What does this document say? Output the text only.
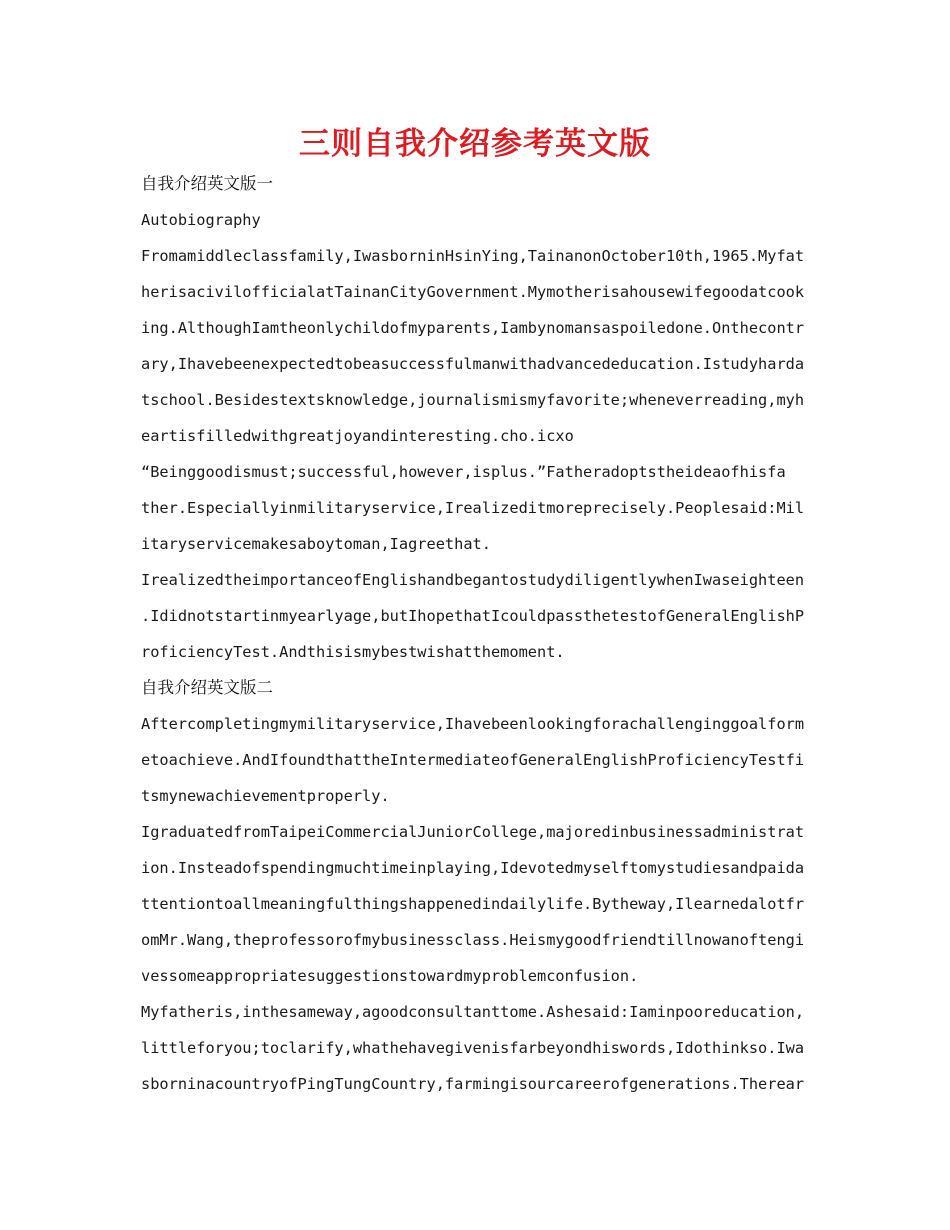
三则自我介绍参考英文版
自我介绍英文版一
Autobiography
Fromamiddleclassfamily,IwasborninHsinYing,TainanonOctober10th,1965.Myfat
herisacivilofficialatTainanCityGovernment.Mymotherisahousewifegoodatcook
ing.AlthoughIamtheonlychildofmyparents,Iambynomansaspoiledone.Onthecontr
ary,Ihavebeenexpectedtobeasuccessfulmanwithadvancededucation.Istudyharda
tschool.Besidestextsknowledge,journalismismyfavorite;wheneverreading,myh
eartisfilledwithgreatjoyandinteresting.cho.icxo
“Beinggoodismust;successful,however,isplus.”Fatheradoptstheideaofhisfa
ther.Especiallyinmilitaryservice,Irealizeditmoreprecisely.Peoplesaid:Mil
itaryservicemakesaboytoman,Iagreethat.
IrealizedtheimportanceofEnglishandbegantostudydiligentlywhenIwaseighteen
.Ididnotstartinmyearlyage,butIhopethatIcouldpassthetestofGeneralEnglishP
roficiencyTest.Andthisismybestwishatthemoment.
自我介绍英文版二
Aftercompletingmymilitaryservice,Ihavebeenlookingforachallenginggoalform
etoachieve.AndIfoundthattheIntermediateofGeneralEnglishProficiencyTestfi
tsmynewachievementproperly.
IgraduatedfromTaipeiCommercialJuniorCollege,majoredinbusinessadministrat
ion.Insteadofspendingmuchtimeinplaying,Idevotedmyselftomystudiesandpaida
ttentiontoallmeaningfulthingshappenedindailylife.Bytheway,Ilearnedalotfr
omMr.Wang,theprofessorofmybusinessclass.Heismygoodfriendtillnowanoftengi
vessomeappropriatesuggestionstowardmyproblemconfusion.
Myfatheris,inthesameway,agoodconsultanttome.Ashesaid:Iaminpooreducation,
littleforyou;toclarify,whathehavegivenisfarbeyondhiswords,Idothinkso.Iwa
sborninacountryofPingTungCountry,farmingisourcareerofgenerations.Therear
